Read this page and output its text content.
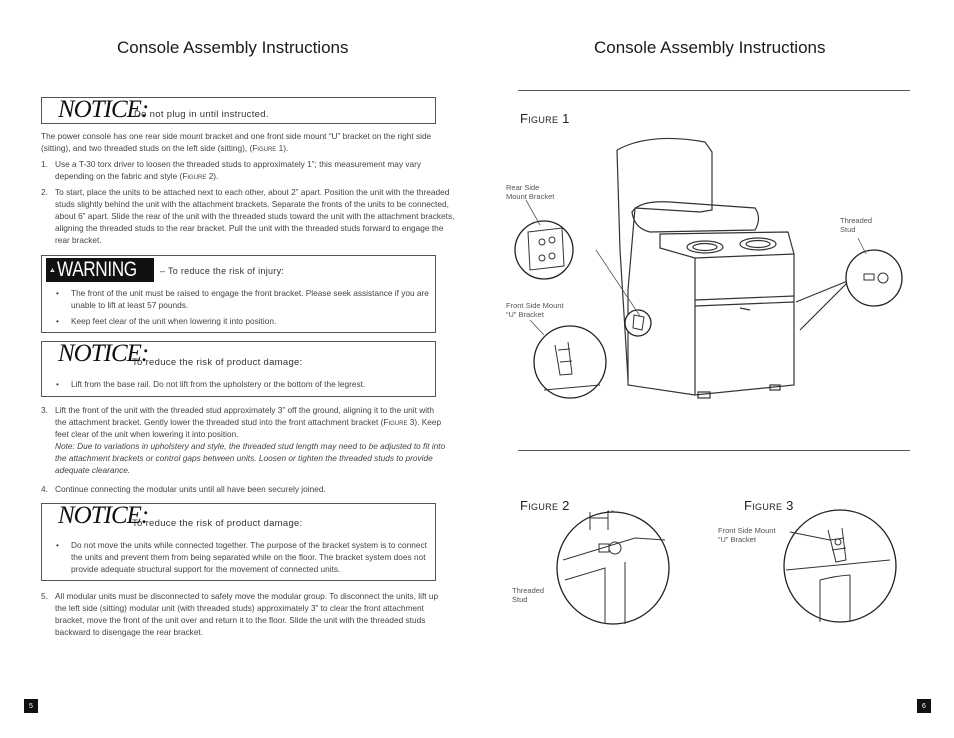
Console Assembly Instructions
NOTICE:
Do not plug in until instructed.
The power console has one rear side mount bracket and one front side mount “U” bracket on the right side (sitting), and two threaded studs on the left side (sitting), (Figure 1).
1. Use a T-30 torx driver to loosen the threaded studs to approximately 1”; this measurement may vary depending on the fabric and style (Figure 2).
2. To start, place the units to be attached next to each other, about 2” apart. Position the unit with the threaded studs slightly behind the unit with the attachment brackets. Separate the fronts of the units to be connected, about 6” apart. Slide the rear of the unit with the threaded studs toward the unit with the attachment brackets, aligning the threaded studs to the rear bracket. Pull the unit with the threaded studs forward to engage the rear bracket.
WARNING	– To reduce the risk of injury:
• The front of the unit must be raised to engage the front bracket. Please seek assistance if you are unable to lift at least 57 pounds.
• Keep feet clear of the unit when lowering it into position.
NOTICE:
To reduce the risk of product damage:
• Lift from the base rail. Do not lift from the upholstery or the bottom of the legrest.
3. Lift the front of the unit with the threaded stud approximately 3” off the ground, aligning it to the unit with the attachment bracket. Gently lower the threaded stud into the front attachment bracket (Figure 3). Keep feet clear of the unit when lowering it into position.
Note: Due to variations in upholstery and style, the threaded stud length may need to be adjusted to fit into the attachment brackets or control gaps between units. Loosen or tighten the threaded studs to provide adequate clearance.
4. Continue connecting the modular units until all have been securely joined.
NOTICE:
To reduce the risk of product damage:
• Do not move the units while connected together. The purpose of the bracket system is to connect the units and prevent them from being separated while on the floor. The bracket system does not provide adequate structural support for the movement of connected units.
5. All modular units must be disconnected to safely move the modular group. To disconnect the units, lift up the left side (sitting) modular unit (with threaded studs) approximately 3” to clear the front attachment bracket, move the front of the unit over and return it to the floor. Slide the unit with the threaded studs backward to disengage the rear bracket.
5
Console Assembly Instructions
Figure 1
Figure 2	Figure 3
Rear Side
Mount Bracket
Threaded
Stud
Front Side Mount
“U” Bracket
Threaded
Stud
Front Side Mount
“U” Bracket
6
